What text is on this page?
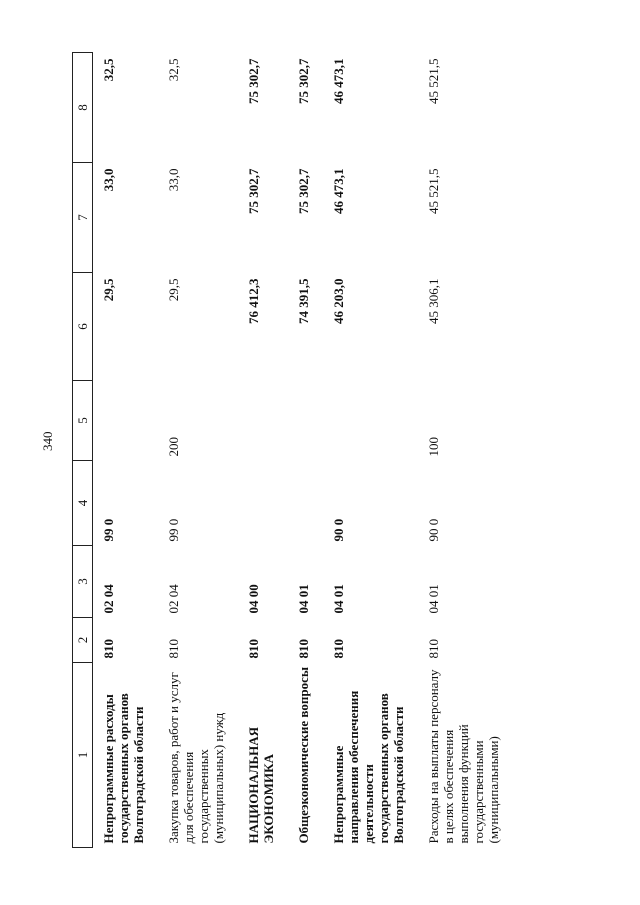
340
1	2	3	4	5	6	7	8
Непрограммные расходы государственных органов Волгоградской области	810	02 04	99 0		29,5	33,0	32,5
Закупка товаров, работ и услуг для обеспечения государственных (муниципальных) нужд	810	02 04	99 0	200	29,5	33,0	32,5
НАЦИОНАЛЬНАЯ ЭКОНОМИКА	810	04 00			76 412,3	75 302,7	75 302,7
Общеэкономические вопросы	810	04 01			74 391,5	75 302,7	75 302,7
Непрограммные направления обеспечения деятельности государственных органов Волгоградской области	810	04 01	90 0		46 203,0	46 473,1	46 473,1
Расходы на выплаты персоналу в целях обеспечения выполнения функций государственными (муниципальными)	810	04 01	90 0	100	45 306,1	45 521,5	45 521,5
